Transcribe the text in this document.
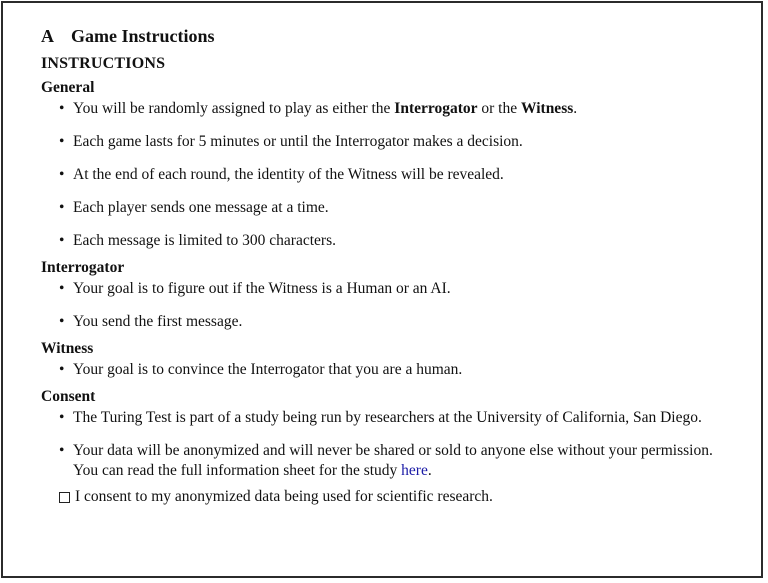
A Game Instructions
INSTRUCTIONS
General
• You will be randomly assigned to play as either the Interrogator or the Witness.
• Each game lasts for 5 minutes or until the Interrogator makes a decision.
• At the end of each round, the identity of the Witness will be revealed.
• Each player sends one message at a time.
• Each message is limited to 300 characters.
Interrogator
• Your goal is to figure out if the Witness is a Human or an AI.
• You send the first message.
Witness
• Your goal is to convince the Interrogator that you are a human.
Consent
• The Turing Test is part of a study being run by researchers at the University of California, San Diego.
• Your data will be anonymized and will never be shared or sold to anyone else without your permission.
You can read the full information sheet for the study here.
I consent to my anonymized data being used for scientific research.
